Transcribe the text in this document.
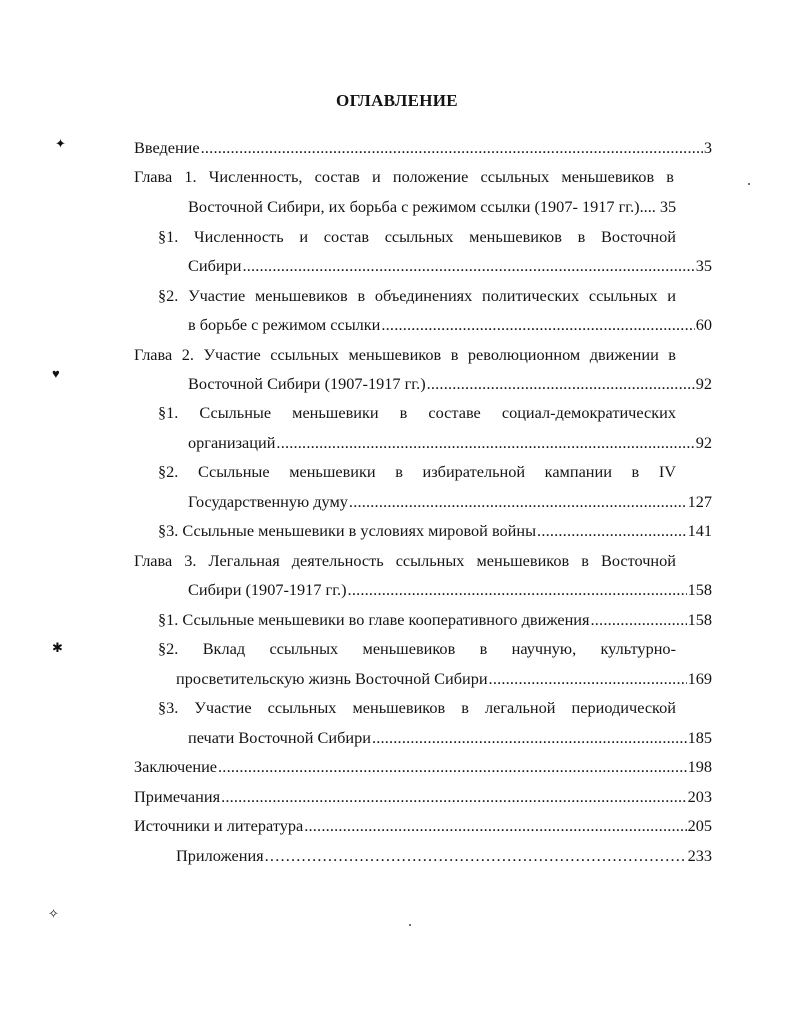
ОГЛАВЛЕНИЕ
Введение .....	3
Глава 1. Численность, состав и положение ссыльных меньшевиков в
Восточной Сибири, их борьба с режимом ссылки (1907- 1917 гг.).... 35
§1. Численность и состав ссыльных меньшевиков в Восточной
Сибири .....	35
§2. Участие меньшевиков в объединениях политических ссыльных и
в борьбе с режимом ссылки .....	60
Глава 2. Участие ссыльных меньшевиков в революционном движении в
Восточной Сибири (1907-1917 гг.) .....	92
§1. Ссыльные меньшевики в составе социал-демократических
организаций .....	92
§2. Ссыльные меньшевики в избирательной кампании в IV
Государственную думу .....	127
§3. Ссыльные меньшевики в условиях мировой войны .....	141
Глава 3. Легальная деятельность ссыльных меньшевиков в Восточной
Сибири (1907-1917 гг.) .....	158
§1. Ссыльные меньшевики во главе кооперативного движения .....	158
§2. Вклад ссыльных меньшевиков в научную, культурно-
просветительскую жизнь Восточной Сибири .....	169
§3. Участие ссыльных меньшевиков в легальной периодической
печати Восточной Сибири .....	185
Заключение .....	198
Примечания .....	203
Источники и литература .....	205
Приложения .....	233
✦
♥
✱
✧
